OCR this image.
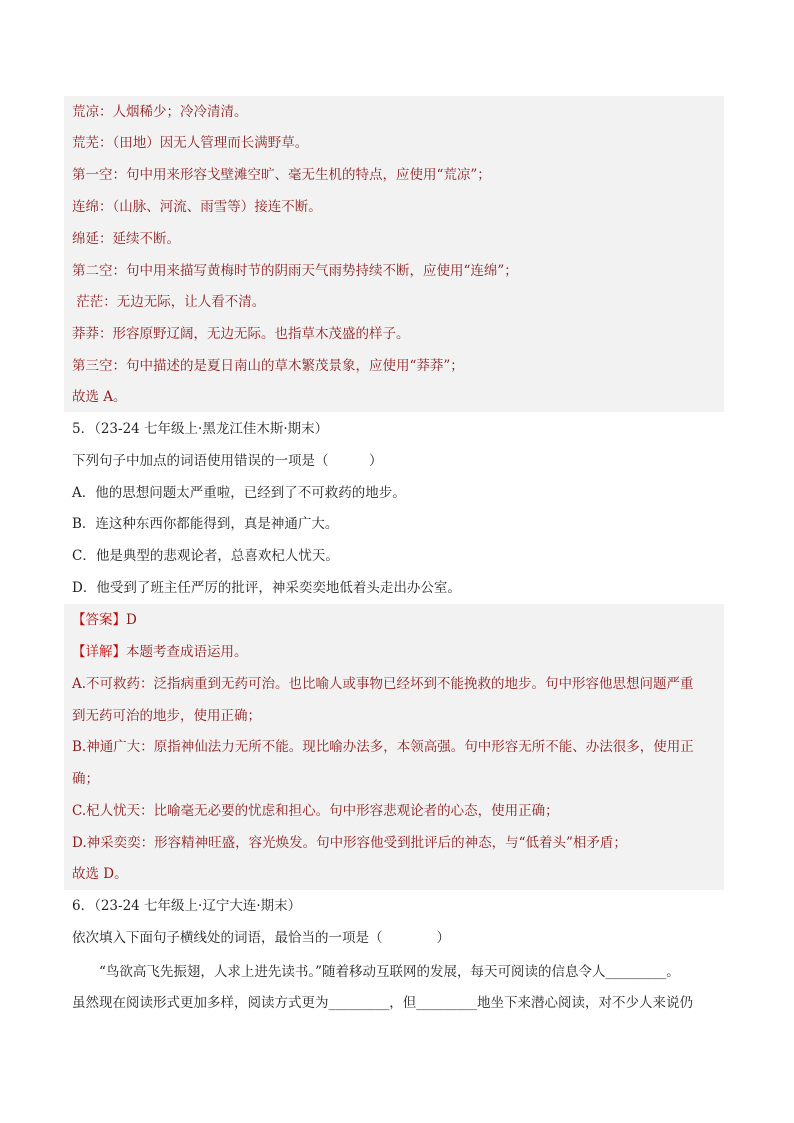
荒凉：人烟稀少；冷冷清清。
荒芜：（田地）因无人管理而长满野草。
第一空：句中用来形容戈壁滩空旷、毫无生机的特点，应使用“荒凉”；
连绵：（山脉、河流、雨雪等）接连不断。
绵延：延续不断。
第二空：句中用来描写黄梅时节的阴雨天气雨势持续不断，应使用“连绵”；
茫茫：无边无际，让人看不清。
莽莽：形容原野辽阔，无边无际。也指草木茂盛的样子。
第三空：句中描述的是夏日南山的草木繁茂景象，应使用“莽莽”；
故选 A。
5．（23-24 七年级上·黑龙江佳木斯·期末）
下列句子中加点的词语使用错误的一项是（　　　）
A．他的思想问题太严重啦，已经到了不可救药的地步。
B．连这种东西你都能得到，真是神通广大。
C．他是典型的悲观论者，总喜欢杞人忧天。
D．他受到了班主任严厉的批评，神采奕奕地低着头走出办公室。
【答案】D
【详解】本题考查成语运用。
A.不可救药：泛指病重到无药可治。也比喻人或事物已经坏到不能挽救的地步。句中形容他思想问题严重
到无药可治的地步，使用正确；
B.神通广大：原指神仙法力无所不能。现比喻办法多，本领高强。句中形容无所不能、办法很多，使用正
确；
C.杞人忧天：比喻毫无必要的忧虑和担心。句中形容悲观论者的心态，使用正确；
D.神采奕奕：形容精神旺盛，容光焕发。句中形容他受到批评后的神态，与“低着头”相矛盾；
故选 D。
6．（23-24 七年级上·辽宁大连·期末）
依次填入下面句子横线处的词语，最恰当的一项是（　　　　）
　　“鸟欲高飞先振翅，人求上进先读书。”随着移动互联网的发展，每天可阅读的信息令人_________。
虽然现在阅读形式更加多样，阅读方式更为_________，但_________地坐下来潜心阅读，对不少人来说仍
